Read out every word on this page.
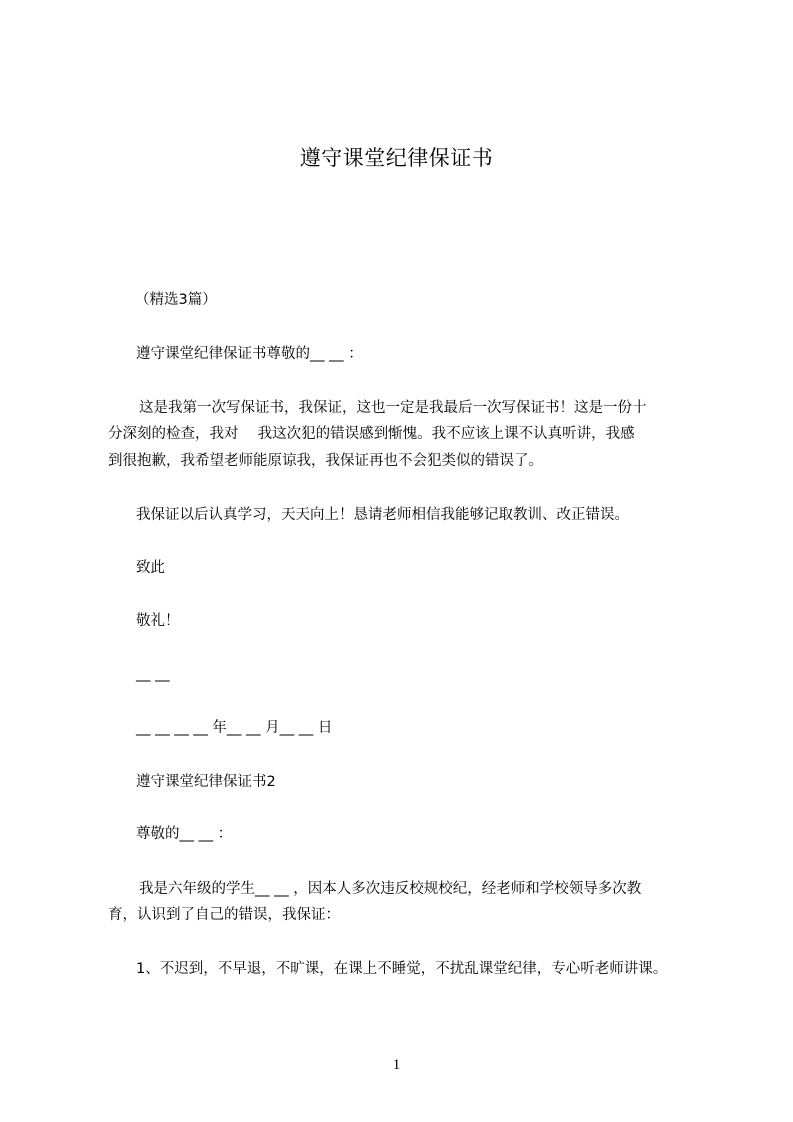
遵守课堂纪律保证书

（精选3篇）

遵守课堂纪律保证书尊敬的__ __ ：

这是我第一次写保证书，我保证，这也一定是我最后一次写保证书！这是一份十

分深刻的检查，我对　 我这次犯的错误感到惭愧。我不应该上课不认真听讲，我感

到很抱歉，我希望老师能原谅我，我保证再也不会犯类似的错误了。

我保证以后认真学习，天天向上！恳请老师相信我能够记取教训、改正错误。

致此

敬礼！

__ __

__ __ __ __ 年__ __ 月__ __ 日

遵守课堂纪律保证书2

尊敬的__ __ ：

我是六年级的学生__ __ ，因本人多次违反校规校纪，经老师和学校领导多次教

育，认识到了自己的错误，我保证：

1、不迟到，不早退，不旷课，在课上不睡觉，不扰乱课堂纪律，专心听老师讲课。

1
